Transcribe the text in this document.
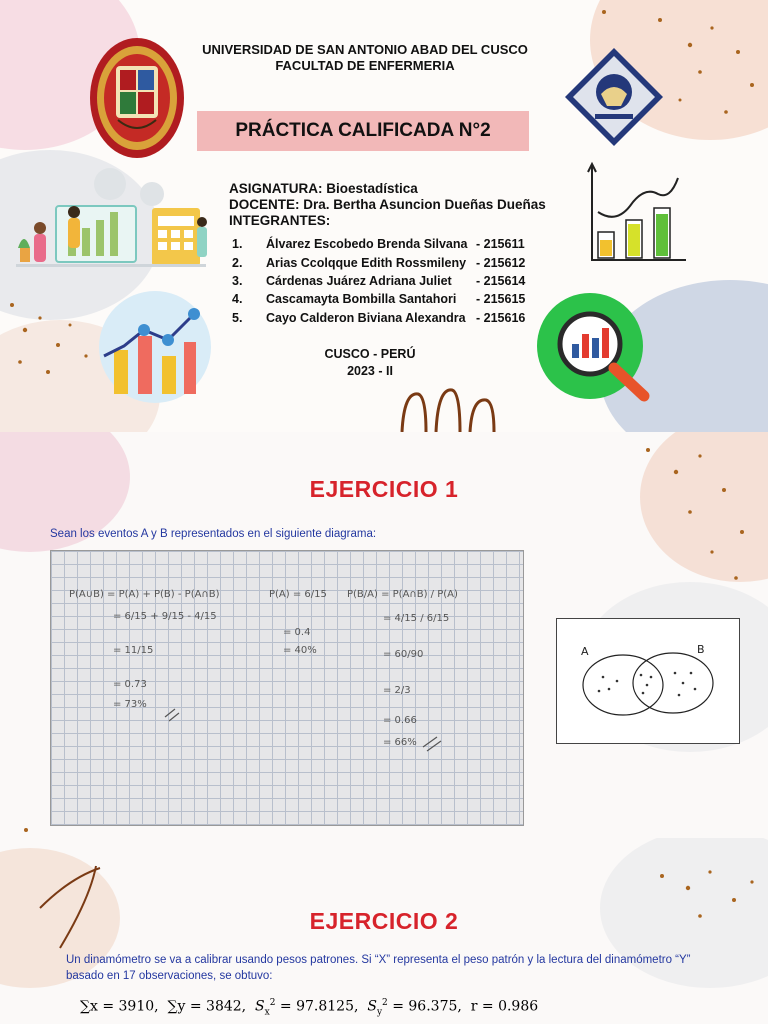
UNIVERSIDAD DE SAN ANTONIO ABAD DEL CUSCO
FACULTAD DE ENFERMERIA
PRÁCTICA CALIFICADA N°2
ASIGNATURA: Bioestadística
DOCENTE: Dra. Bertha Asuncion Dueñas Dueñas
INTEGRANTES:
1.	Álvarez Escobedo Brenda Silvana - 215611
2.	Arias Ccolqque Edith Rossmileny - 215612
3.	Cárdenas Juárez Adriana Juliet	- 215614
4.	Cascamayta Bombilla Santahori	- 215615
5.	Cayo Calderon Biviana Alexandra - 215616
CUSCO - PERÚ
2023 - II
EJERCICIO 1
Sean los eventos A y B representados en el siguiente diagrama:
P(A∪B) = P(A) + P(B) - P(A∩B)
= 6/15 + 9/15 - 4/15
= 11/15
= 0.73
= 73%
P(A) = 6/15
= 0.4
= 40%
P(B/A) = P(A∩B) / P(A)
= 4/15 / 6/15
= 60/90
= 2/3
= 0.66
= 66%
A	B
EJERCICIO 2
Un dinamómetro se va a calibrar usando pesos patrones. Si “X” representa el peso patrón y la lectura del dinamómetro “Y” basado en 17 observaciones, se obtuvo:
∑x = 3910, ∑y = 3842, $S_x^2 = 97.8125$, $S_y^2 = 96.375$, r = 0.986
